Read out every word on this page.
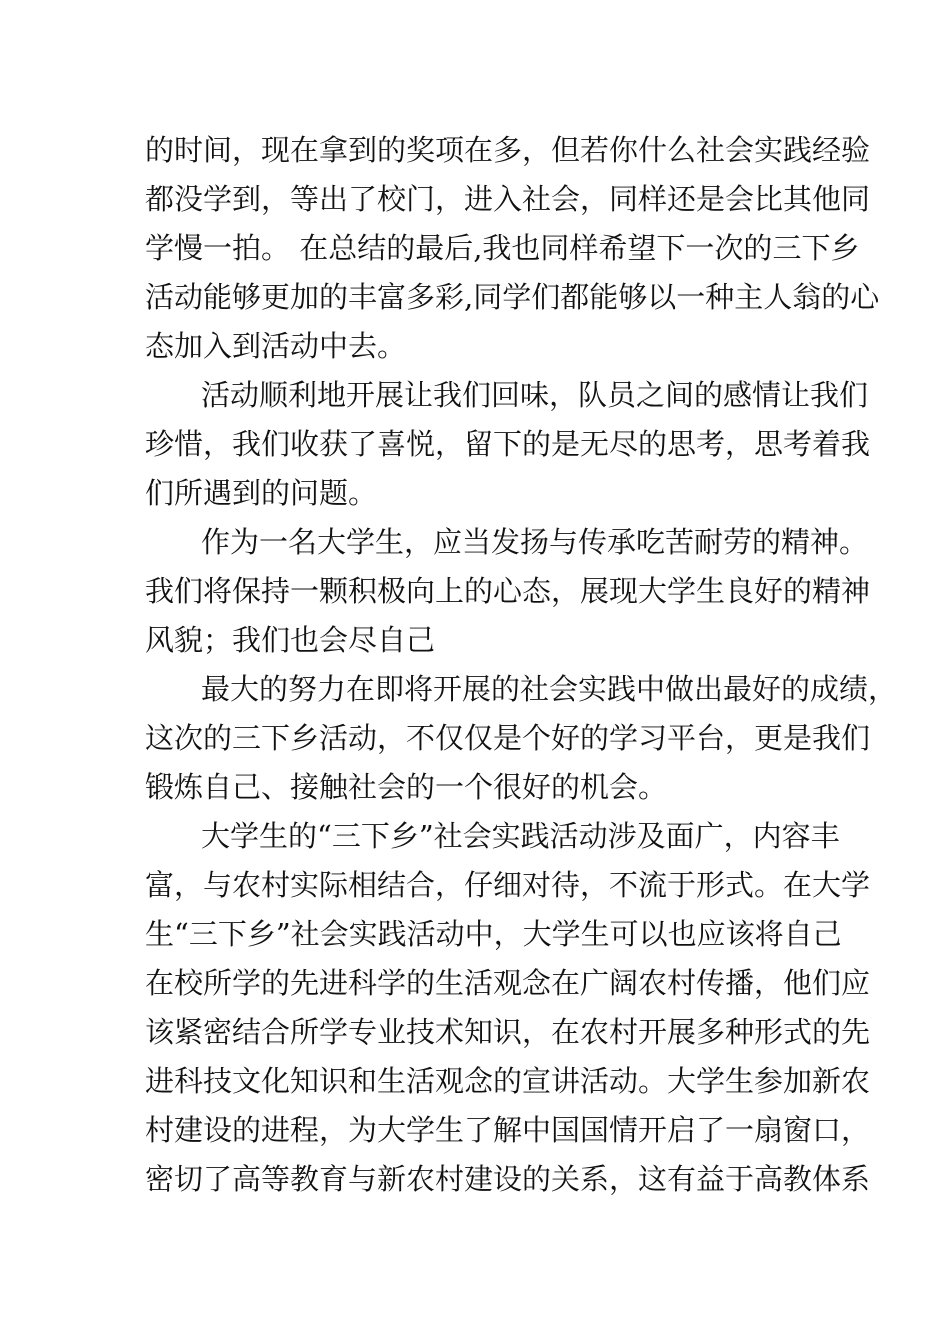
的时间，现在拿到的奖项在多，但若你什么社会实践经验
都没学到，等出了校门，进入社会，同样还是会比其他同
学慢一拍。 在总结的最后,我也同样希望下一次的三下乡
活动能够更加的丰富多彩,同学们都能够以一种主人翁的心
态加入到活动中去。
活动顺利地开展让我们回味，队员之间的感情让我们
珍惜，我们收获了喜悦，留下的是无尽的思考，思考着我
们所遇到的问题。
作为一名大学生，应当发扬与传承吃苦耐劳的精神。
我们将保持一颗积极向上的心态，展现大学生良好的精神
风貌；我们也会尽自己
最大的努力在即将开展的社会实践中做出最好的成绩，
这次的三下乡活动，不仅仅是个好的学习平台，更是我们
锻炼自己、接触社会的一个很好的机会。
大学生的“三下乡”社会实践活动涉及面广，内容丰
富，与农村实际相结合，仔细对待，不流于形式。在大学
生“三下乡”社会实践活动中，大学生可以也应该将自己
在校所学的先进科学的生活观念在广阔农村传播，他们应
该紧密结合所学专业技术知识，在农村开展多种形式的先
进科技文化知识和生活观念的宣讲活动。大学生参加新农
村建设的进程，为大学生了解中国国情开启了一扇窗口，
密切了高等教育与新农村建设的关系，这有益于高教体系
